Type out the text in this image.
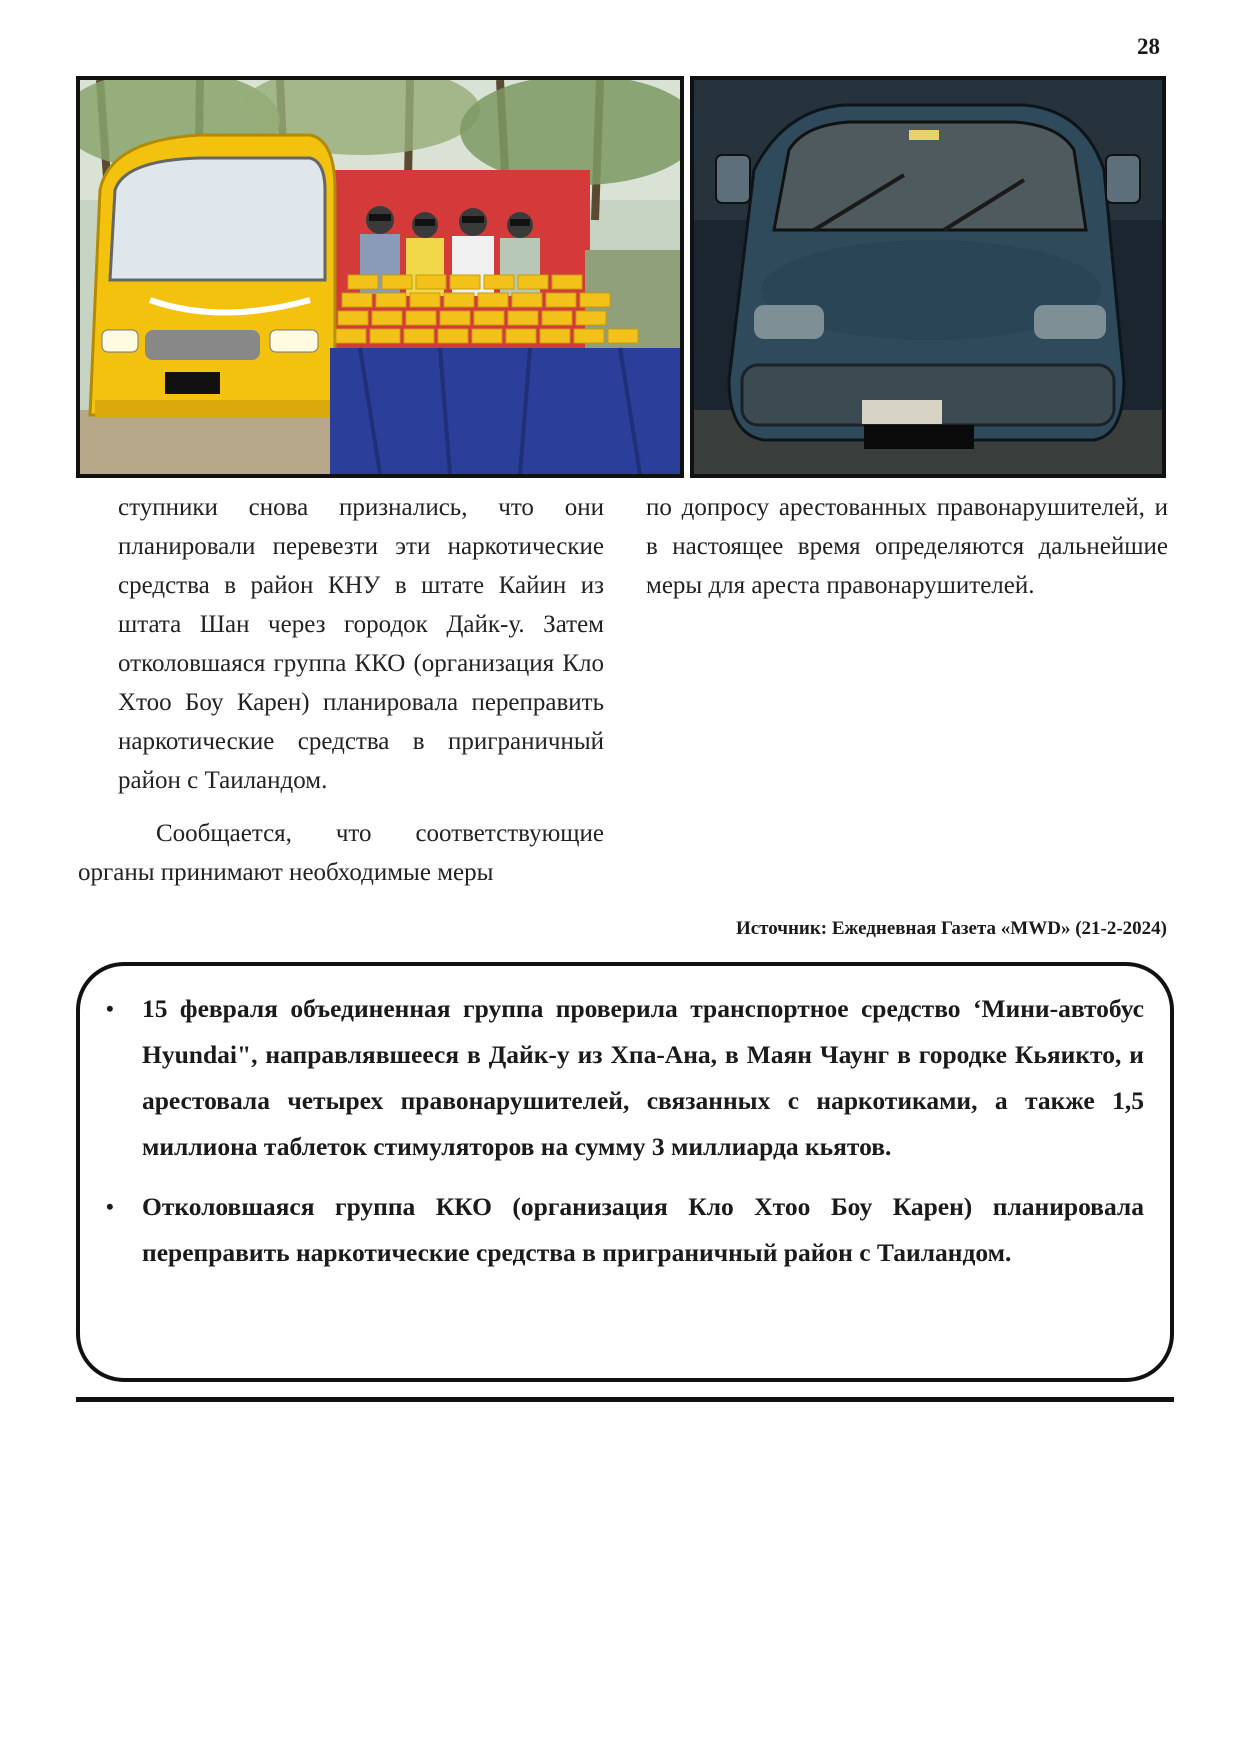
28

ступники снова признались, что они планировали перевезти эти наркотические средства в район КНУ в штате Кайин из штата Шан через городок Дайк-у. Затем отколовшаяся группа ККО (организация Кло Хтоо Боу Карен) планировала переправить наркотические средства в приграничный район с Таиландом.

Сообщается, что соответствующие органы принимают необходимые меры

по допросу арестованных правонарушителей, и в настоящее время определяются дальнейшие меры для ареста правонарушителей.

Источник: Ежедневная Газета «MWD» (21-2-2024)
• 15 февраля объединенная группа проверила транспортное средство ‘Мини-автобус Hyundai", направлявшееся в Дайк-у из Хпа-Ана, в Маян Чаунг в городке Кьяикто, и арестовала четырех правонарушителей, связанных с наркотиками, а также 1,5 миллиона таблеток стимуляторов на сумму 3 миллиарда кьятов.
• Отколовшаяся группа ККО (организация Кло Хтоо Боу Карен) планировала переправить наркотические средства в приграничный район с Таиландом.
